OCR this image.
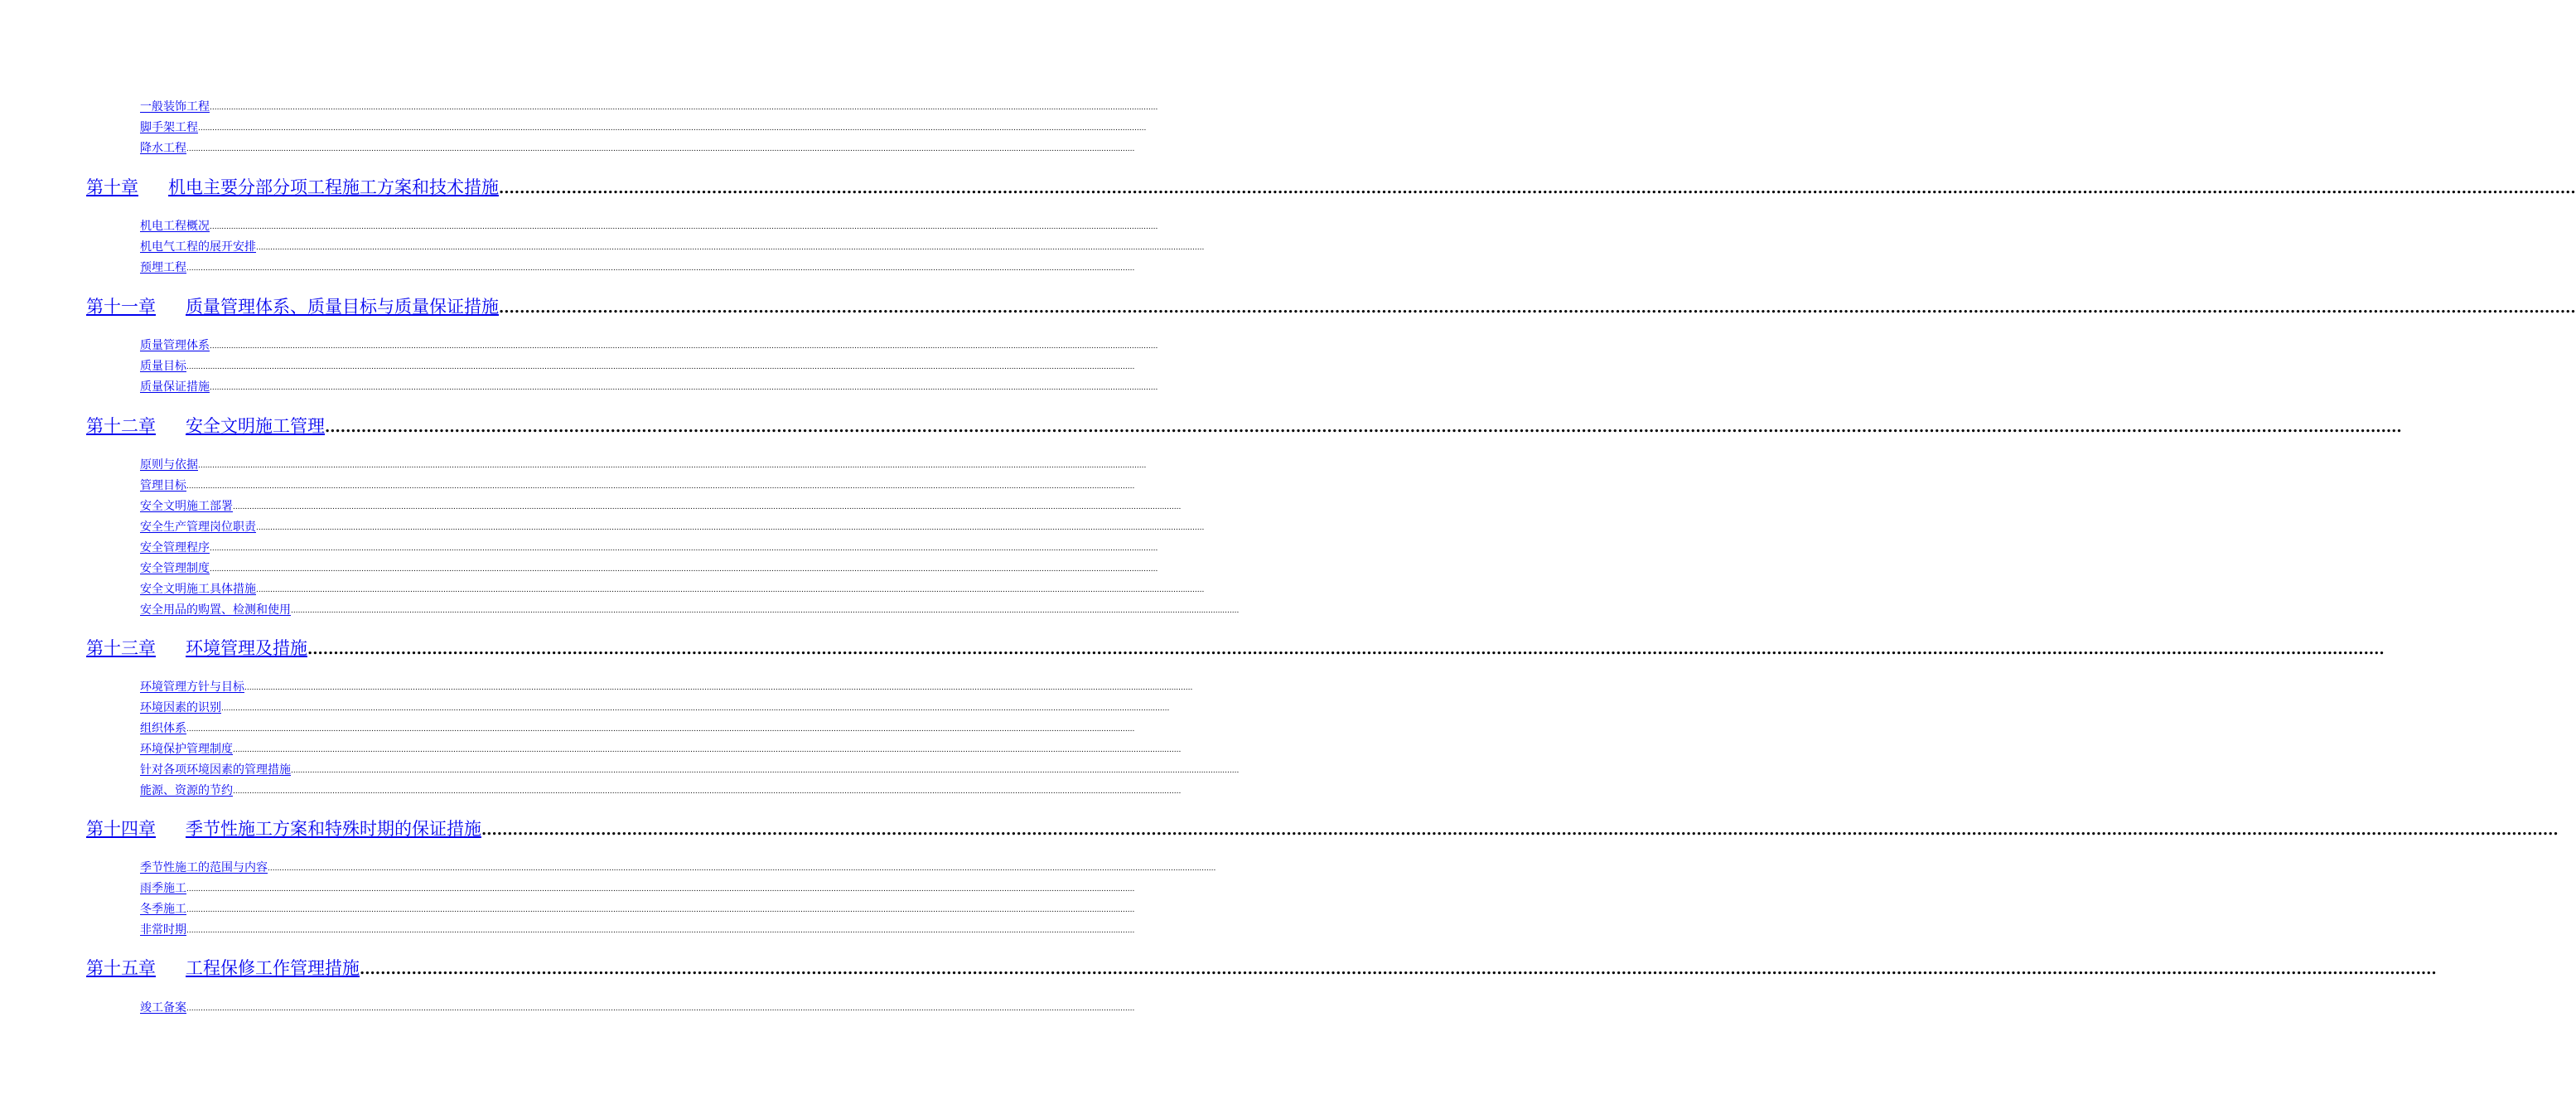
一般装饰工程 ................................................................................................................................................................................................................................................................................................................................................................................................................
脚手架工程 ................................................................................................................................................................................................................................................................................................................................................................................................................
降水工程 ................................................................................................................................................................................................................................................................................................................................................................................................................
第十章 机电主要分部分项工程施工方案和技术措施 ................................................................................................................................................................................................................................................................................................................................................................................................................
机电工程概况 ................................................................................................................................................................................................................................................................................................................................................................................................................
机电气工程的展开安排 ................................................................................................................................................................................................................................................................................................................................................................................................................
预埋工程 ................................................................................................................................................................................................................................................................................................................................................................................................................
第十一章 质量管理体系、质量目标与质量保证措施 ................................................................................................................................................................................................................................................................................................................................................................................................................
质量管理体系 ................................................................................................................................................................................................................................................................................................................................................................................................................
质量目标 ................................................................................................................................................................................................................................................................................................................................................................................................................
质量保证措施 ................................................................................................................................................................................................................................................................................................................................................................................................................
第十二章 安全文明施工管理 ................................................................................................................................................................................................................................................................................................................................................................................................................
原则与依据 ................................................................................................................................................................................................................................................................................................................................................................................................................
管理目标 ................................................................................................................................................................................................................................................................................................................................................................................................................
安全文明施工部署 ................................................................................................................................................................................................................................................................................................................................................................................................................
安全生产管理岗位职责 ................................................................................................................................................................................................................................................................................................................................................................................................................
安全管理程序 ................................................................................................................................................................................................................................................................................................................................................................................................................
安全管理制度 ................................................................................................................................................................................................................................................................................................................................................................................................................
安全文明施工具体措施 ................................................................................................................................................................................................................................................................................................................................................................................................................
安全用品的购置、检测和使用 ................................................................................................................................................................................................................................................................................................................................................................................................................
第十三章 环境管理及措施 ................................................................................................................................................................................................................................................................................................................................................................................................................
环境管理方针与目标 ................................................................................................................................................................................................................................................................................................................................................................................................................
环境因素的识别 ................................................................................................................................................................................................................................................................................................................................................................................................................
组织体系 ................................................................................................................................................................................................................................................................................................................................................................................................................
环境保护管理制度 ................................................................................................................................................................................................................................................................................................................................................................................................................
针对各项环境因素的管理措施 ................................................................................................................................................................................................................................................................................................................................................................................................................
能源、资源的节约 ................................................................................................................................................................................................................................................................................................................................................................................................................
第十四章 季节性施工方案和特殊时期的保证措施 ................................................................................................................................................................................................................................................................................................................................................................................................................
季节性施工的范围与内容 ................................................................................................................................................................................................................................................................................................................................................................................................................
雨季施工 ................................................................................................................................................................................................................................................................................................................................................................................................................
冬季施工 ................................................................................................................................................................................................................................................................................................................................................................................................................
非常时期 ................................................................................................................................................................................................................................................................................................................................................................................................................
第十五章 工程保修工作管理措施 ................................................................................................................................................................................................................................................................................................................................................................................................................
竣工备案 ................................................................................................................................................................................................................................................................................................................................................................................................................
